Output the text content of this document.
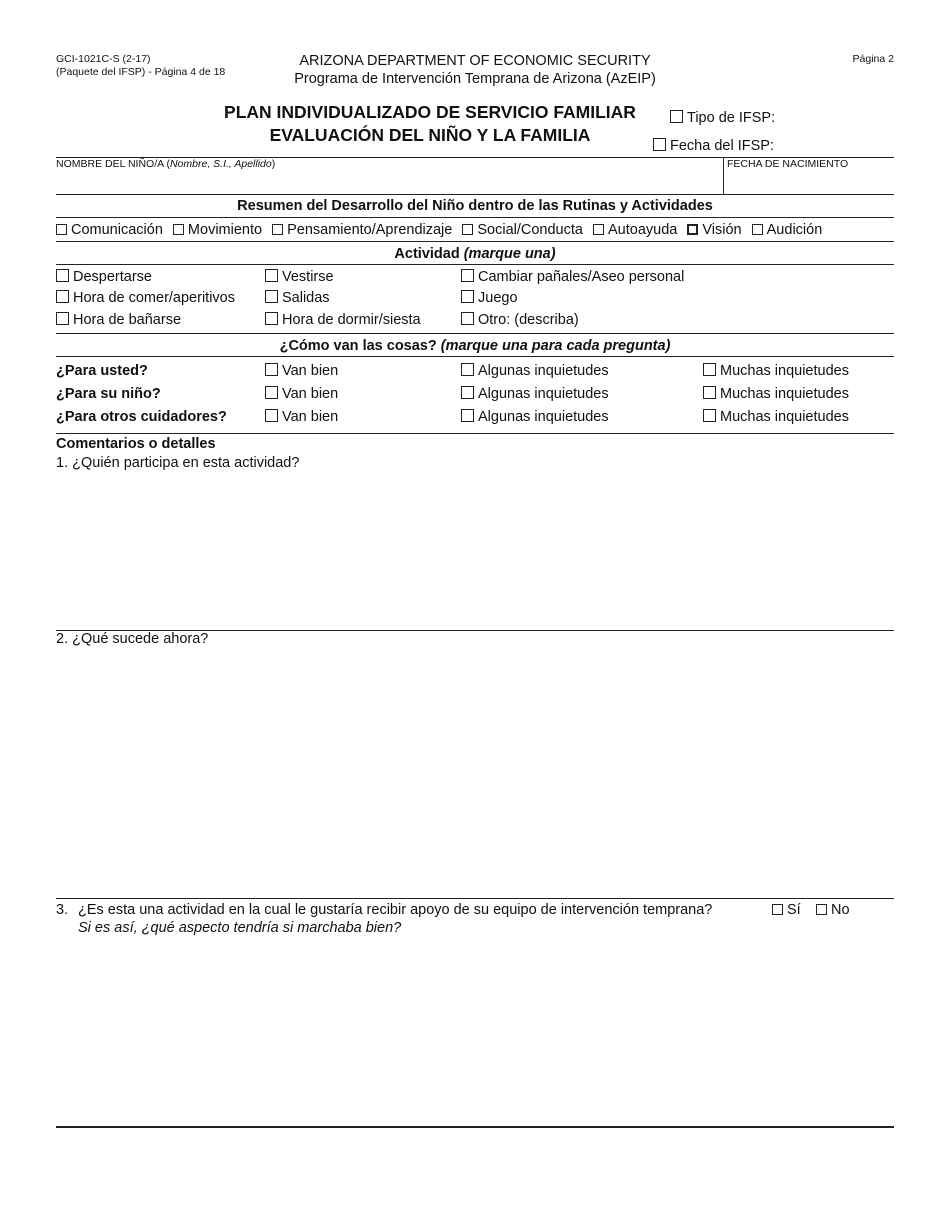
GCI-1021C-S (2-17)
(Paquete del IFSP) - Página 4 de 18
ARIZONA DEPARTMENT OF ECONOMIC SECURITY
Programa de Intervención Temprana de Arizona (AzEIP)
Página 2
PLAN INDIVIDUALIZADO DE SERVICIO FAMILIAR
EVALUACIÓN DEL NIÑO Y LA FAMILIA
Tipo de IFSP:
Fecha del IFSP:
NOMBRE DEL NIÑO/A (Nombre, S.I., Apellido)	FECHA DE NACIMIENTO
Resumen del Desarrollo del Niño dentro de las Rutinas y Actividades
Comunicación Movimiento Pensamiento/Aprendizaje Social/Conducta Autoayuda Visión Audición
Actividad (marque una)
Despertarse	Vestirse	Cambiar pañales/Aseo personal
Hora de comer/aperitivos	Salidas	Juego
Hora de bañarse	Hora de dormir/siesta	Otro: (describa)
¿Cómo van las cosas? (marque una para cada pregunta)
¿Para usted?	Van bien	Algunas inquietudes	Muchas inquietudes
¿Para su niño?	Van bien	Algunas inquietudes	Muchas inquietudes
¿Para otros cuidadores?	Van bien	Algunas inquietudes	Muchas inquietudes
Comentarios o detalles
1. ¿Quién participa en esta actividad?
2. ¿Qué sucede ahora?
3. ¿Es esta una actividad en la cual le gustaría recibir apoyo de su equipo de intervención temprana?	Sí	No
Si es así, ¿qué aspecto tendría si marchaba bien?
